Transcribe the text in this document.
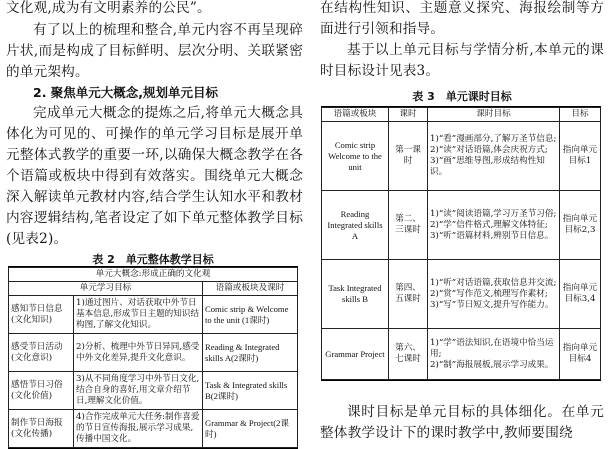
文化观,成为有文明素养的公民”。

有了以上的梳理和整合,单元内容不再呈现碎片状,而是构成了目标鲜明、层次分明、关联紧密的单元架构。

2. 聚焦单元大概念,规划单元目标

完成单元大概念的提炼之后,将单元大概念具体化为可见的、可操作的单元学习目标是展开单元整体式教学的重要一环,以确保大概念教学在各个语篇或板块中得到有效落实。围绕单元大概念深入解读单元教材内容,结合学生认知水平和教材内容逻辑结构,笔者设定了如下单元整体教学目标(见表2)。

表 2　单元整体教学目标
单元大概念:形成正确的文化观		
单元学习目标		语篇或板块及课时
感知节日信息(文化知识)	1)通过图片、对话获取中外节日基本信息,形成节日主题的知识结构图,了解文化知识。	Comic strip & Welcome to the unit (1课时)
感受节日活动(文化意识)	2)分析、梳理中外节日异同,感受中外文化差异,提升文化意识。	Reading & Integrated skills A(2课时)
感悟节日习俗(文化价值)	3)从不同角度学习中外节日文化,结合自身的喜好,用文章介绍节日,理解文化价值。	Task & Integrated skills B(2课时)
制作节日海报(文化传播)	4)合作完成单元大任务:制作喜爱的节日宣传海报,展示学习成果,传播中国文化。	Grammar & Project(2课时)

在结构性知识、主题意义探究、海报绘制等方面进行引领和指导。

基于以上单元目标与学情分析,本单元的课时目标设计见表3。

表 3　单元课时目标

课时目标是单元目标的具体细化。在单元整体教学设计下的课时教学中,教师要围绕

语篇或板块	课时	课时目标	目标
Comic strip Welcome to the unit	第一课时	1)“看”漫画部分,了解万圣节信息;
2)“读”对话语篇,体会庆祝方式;
3)“画”思维导图,形成结构性知识。	指向单元目标1
Reading Integrated skills A	第二、三课时	1)“读”阅读语篇,学习万圣节习俗;
2)“学”信件格式,理解文体特征;
3)“听”语篇材料,辨别节日信息。	指向单元目标2,3
Task Integrated skills B	第四、五课时	1)“听”对话语篇,获取信息并交流;
2)“赏”写作范文,梳理写作素材;
3)“写”节日短文,提升写作能力。	指向单元目标3,4
Grammar Project	第六、七课时	1)“学”语法知识,在语境中恰当运用;
2)“制”海报展板,展示学习成果。	指向单元目标4
